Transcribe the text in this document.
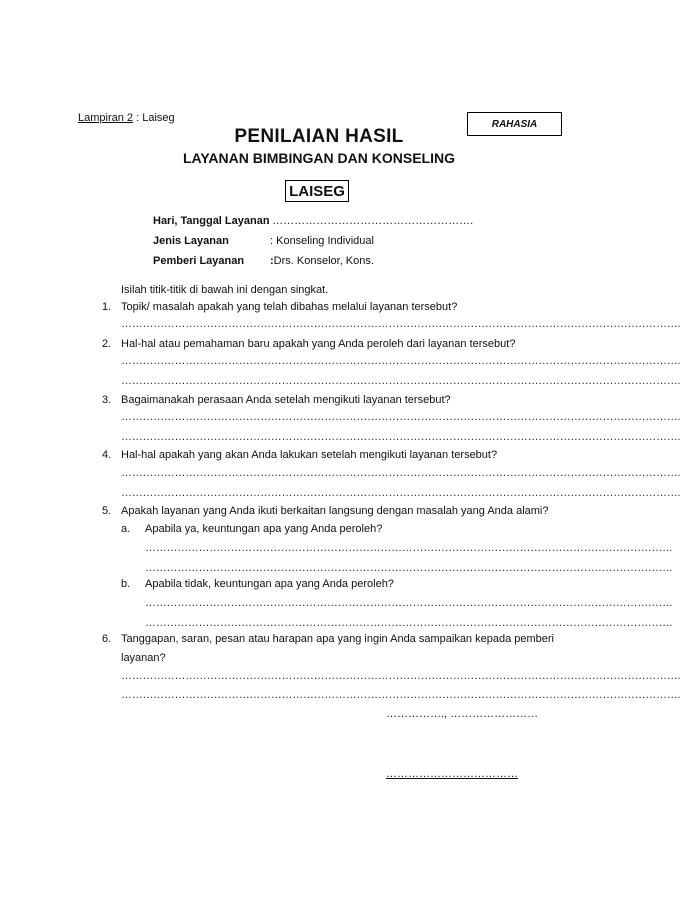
Lampiran 2 : Laiseg	RAHASIA
PENILAIAN HASIL
LAYANAN BIMBINGAN DAN KONSELING
LAISEG
Hari, Tanggal Layanan
: ……………………………………………….
Jenis Layanan	: Konseling Individual
Pemberi Layanan :Drs. Konselor, Kons.
Isilah titik-titik di bawah ini dengan singkat.
1. Topik/ masalah apakah yang telah dibahas melalui layanan tersebut?
………………………………………………………………………………………………………………………………………….
2. Hal-hal atau pemahaman baru apakah yang Anda peroleh dari layanan tersebut?
………………………………………………………………………………………………………………………………………….
………………………………………………………………………………………………………………………………………….
3. Bagaimanakah perasaan Anda setelah mengikuti layanan tersebut?
………………………………………………………………………………………………………………………………………….
………………………………………………………………………………………………………………………………………….
4. Hal-hal apakah yang akan Anda lakukan setelah mengikuti layanan tersebut?
………………………………………………………………………………………………………………………………………….
………………………………………………………………………………………………………………………………………….
5. Apakah layanan yang Anda ikuti berkaitan langsung dengan masalah yang Anda alami?
a. Apabila ya, keuntungan apa yang Anda peroleh?
………………………………………………………………………………………………………………………………….
………………………………………………………………………………………………………………………………….
b. Apabila tidak, keuntungan apa yang Anda peroleh?
………………………………………………………………………………………………………………………………….
………………………………………………………………………………………………………………………………….
6. Tanggapan, saran, pesan atau harapan apa yang ingin Anda sampaikan kepada pemberi
layanan?
………………………………………………………………………………………………………………………………………….
………………………………………………………………………………………………………………………………………….
……………., ……………………
………………………………
